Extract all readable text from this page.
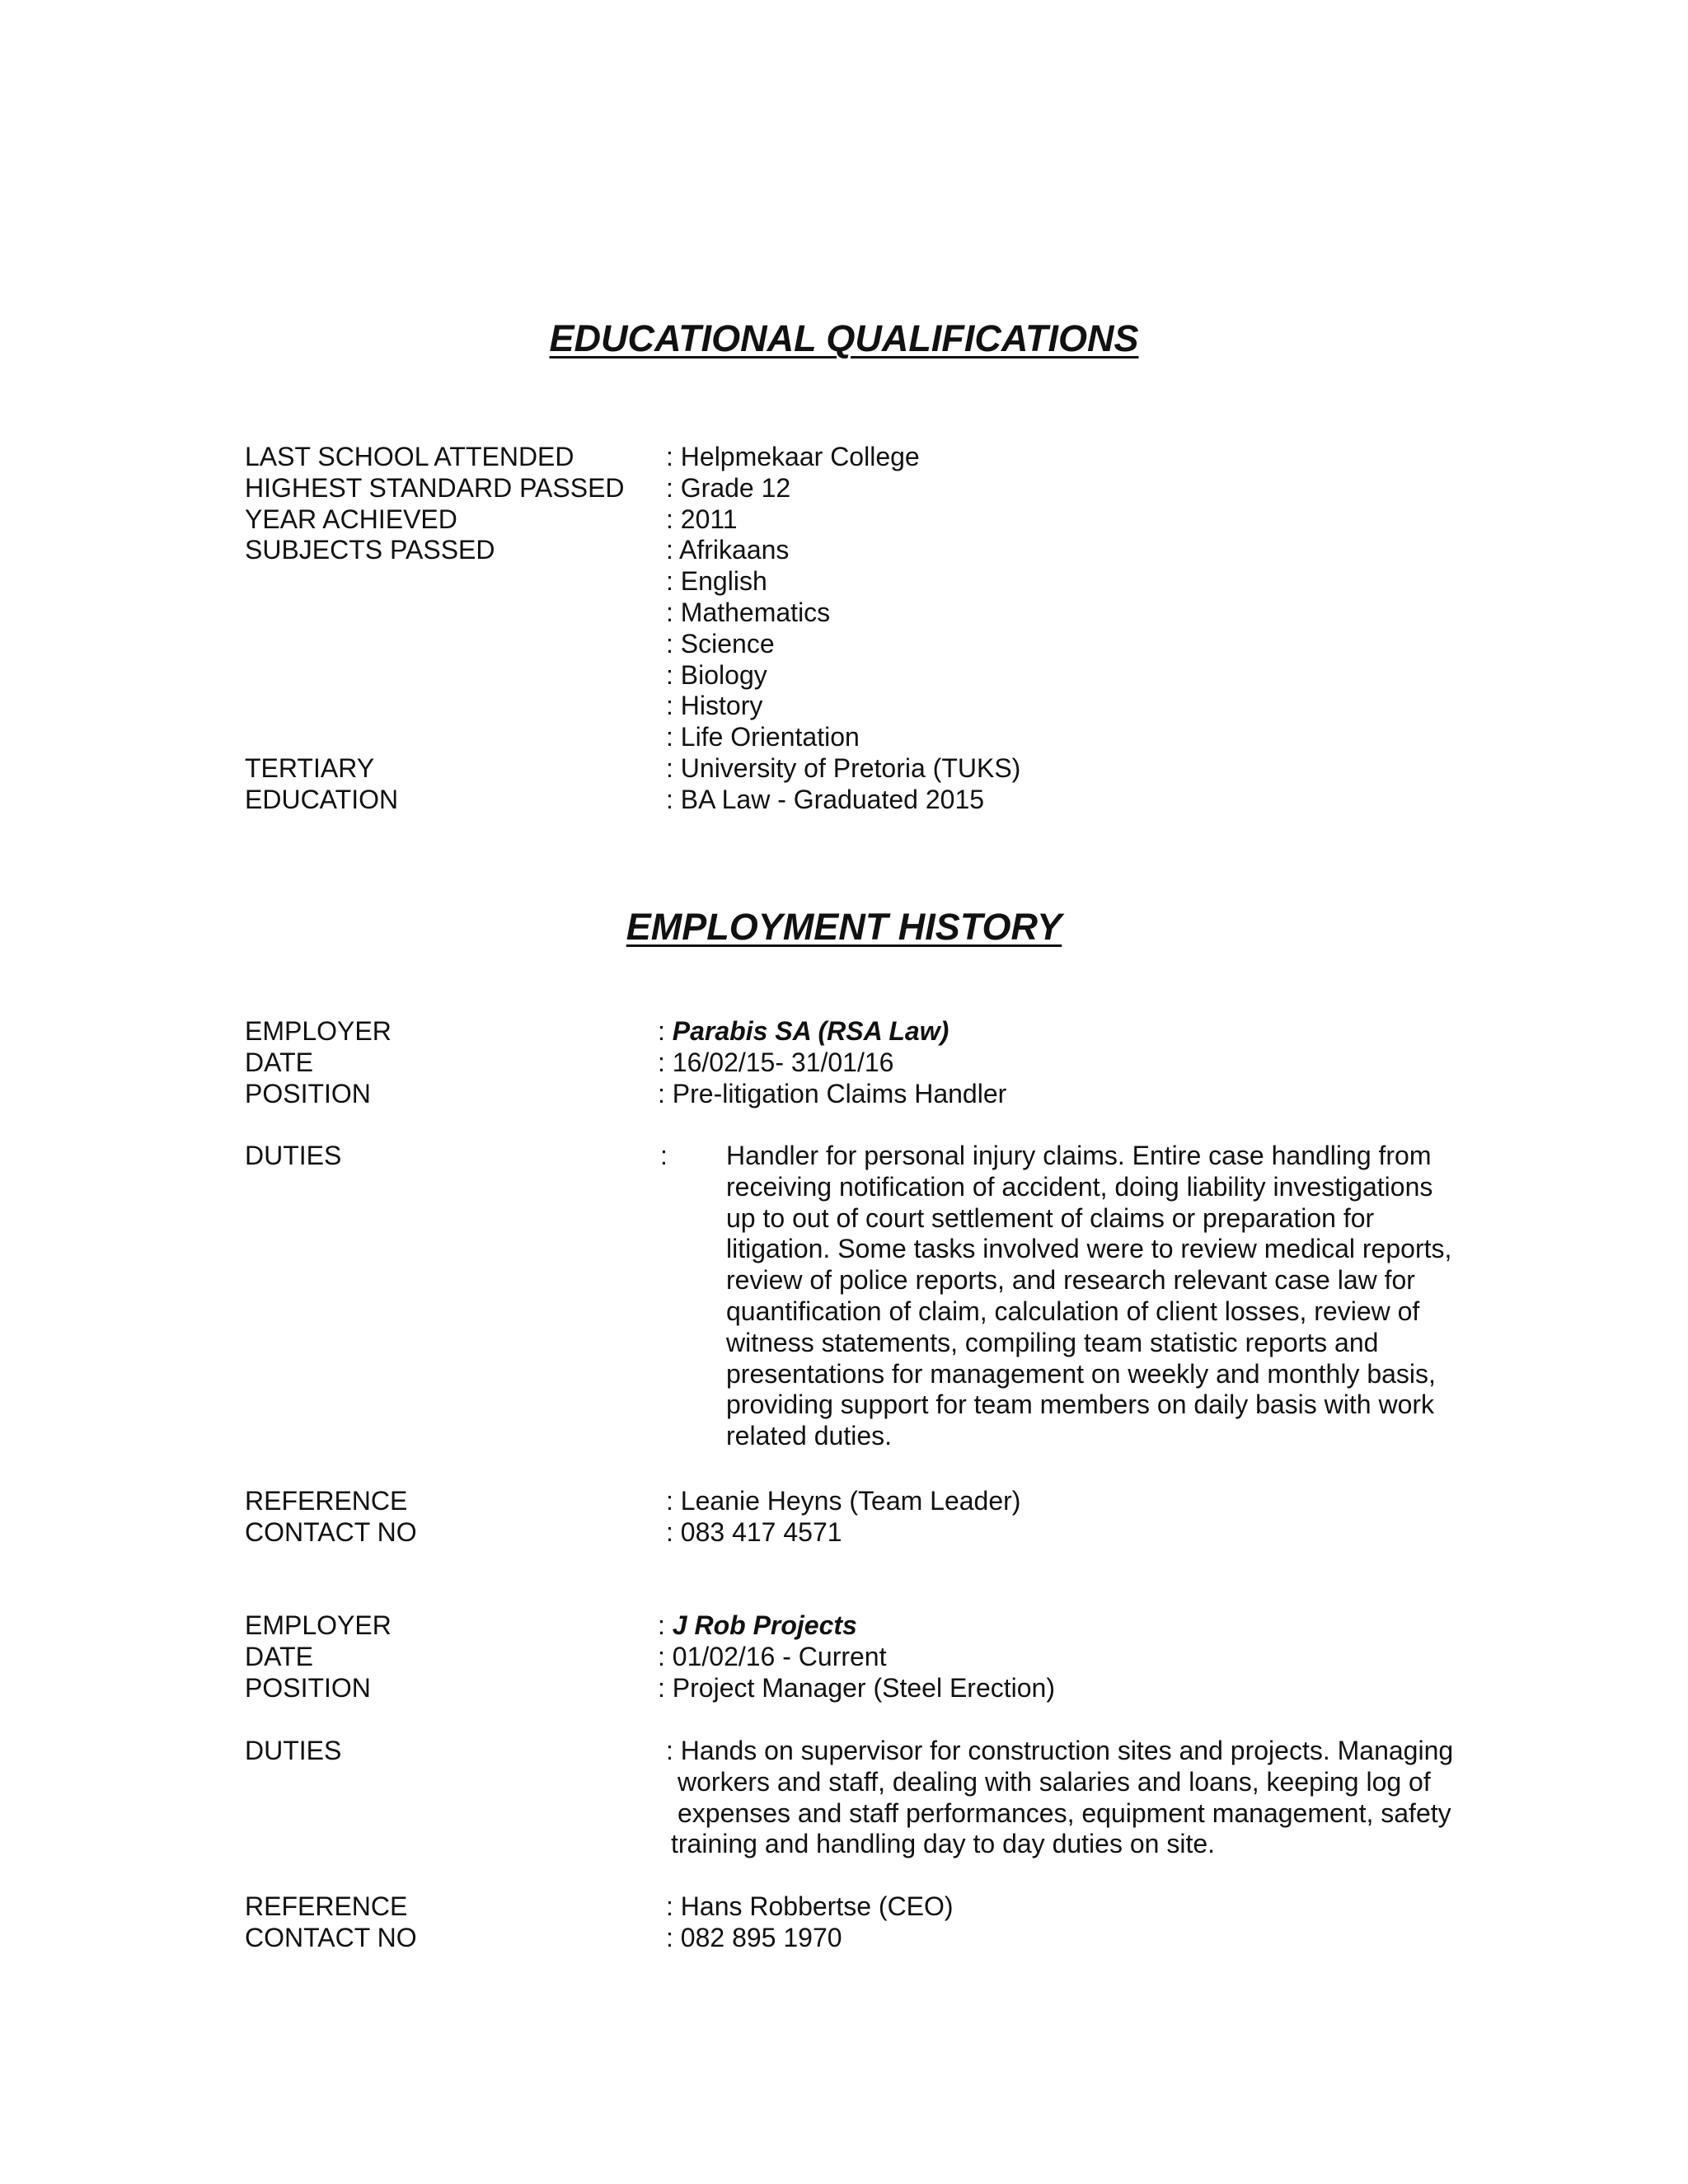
EDUCATIONAL QUALIFICATIONS
LAST SCHOOL ATTENDED	: Helpmekaar College
HIGHEST STANDARD PASSED : Grade 12
YEAR ACHIEVED	: 2011
SUBJECTS PASSED	: Afrikaans
: English
: Mathematics
: Science
: Biology
: History
: Life Orientation
TERTIARY	: University of Pretoria (TUKS)
EDUCATION	: BA Law - Graduated 2015
EMPLOYMENT HISTORY
EMPLOYER	: Parabis SA (RSA Law)
DATE	: 16/02/15- 31/01/16
POSITION	: Pre-litigation Claims Handler
DUTIES	: Handler for personal injury claims. Entire case handling from
receiving notification of accident, doing liability investigations
up to out of court settlement of claims or preparation for
litigation. Some tasks involved were to review medical reports,
review of police reports, and research relevant case law for
quantification of claim, calculation of client losses, review of
witness statements, compiling team statistic reports and
presentations for management on weekly and monthly basis,
providing support for team members on daily basis with work
related duties.
REFERENCE	: Leanie Heyns (Team Leader)
CONTACT NO	: 083 417 4571
EMPLOYER	: J Rob Projects
DATE	: 01/02/16 - Current
POSITION	: Project Manager (Steel Erection)
DUTIES	: Hands on supervisor for construction sites and projects. Managing
workers and staff, dealing with salaries and loans, keeping log of
expenses and staff performances, equipment management, safety
training and handling day to day duties on site.
REFERENCE	: Hans Robbertse (CEO)
CONTACT NO	: 082 895 1970
